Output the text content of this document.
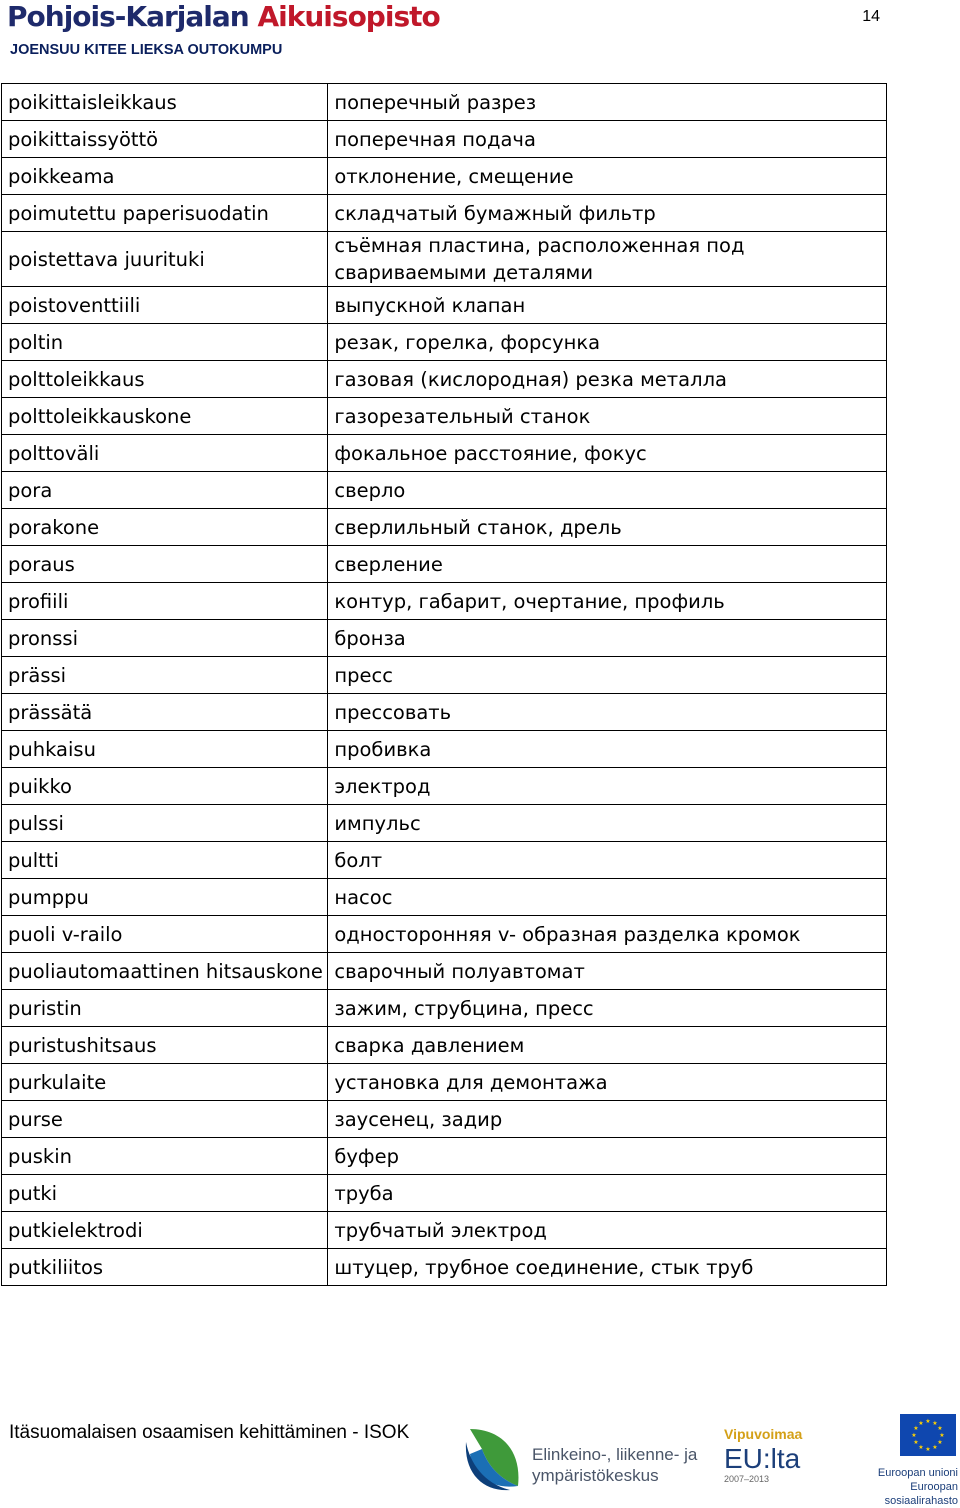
Pohjois-Karjalan Aikuisopisto
JOENSUU KITEE LIEKSA OUTOKUMPU
14
poikittaisleikkaus	поперечный разрез
poikittaissyöttö	поперечная подача
poikkeama	отклонение, смещение
poimutettu paperisuodatin	складчатый бумажный фильтр
poistettava juurituki	съёмная пластина, расположенная под свариваемыми деталями
poistoventtiili	выпускной клапан
poltin	резак, горелка, форсунка
polttoleikkaus	газовая (кислородная) резка металла
polttoleikkauskone	газорезательный станок
polttoväli	фокальное расстояние, фокус
pora	сверло
porakone	сверлильный станок, дрель
poraus	сверление
profiili	контур, габарит, очертание, профиль
pronssi	бронза
prässi	пресс
prässätä	прессовать
puhkaisu	пробивка
puikko	электрод
pulssi	импульс
pultti	болт
pumppu	насос
puoli v-railo	односторонняя v- образная разделка кромок
puoliautomaattinen hitsauskone	сварочный полуавтомат
puristin	зажим, струбцина, пресс
puristushitsaus	сварка давлением
purkulaite	установка для демонтажа
purse	заусенец, задир
puskin	буфер
putki	труба
putkielektrodi	трубчатый электрод
putkiliitos	штуцер, трубное соединение, стык труб
Itäsuomalaisen osaamisen kehittäminen - ISOK
Elinkeino-, liikenne- ja
ympäristökeskus
Vipuvoimaa
EU:lta
2007–2013
★ ★
★
★
★
★
★
★
★
★
★
★
Euroopan unioni
Euroopan sosiaalirahasto
